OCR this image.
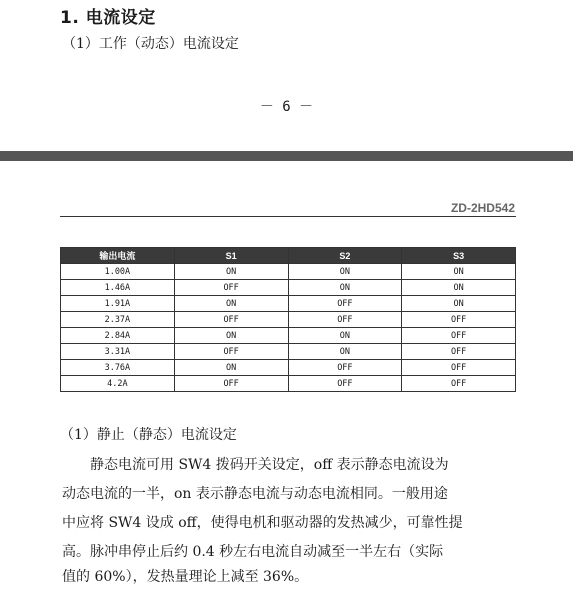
1. 电流设定
（1）工作（动态）电流设定
－ 6 －
ZD-2HD542
输出电流	S1	S2	S3
1.00A	ON	ON	ON
1.46A	OFF	ON	ON
1.91A	ON	OFF	ON
2.37A	OFF	OFF	OFF
2.84A	ON	ON	OFF
3.31A	OFF	ON	OFF
3.76A	ON	OFF	OFF
4.2A	OFF	OFF	OFF
（1）静止（静态）电流设定
　　静态电流可用 SW4 拨码开关设定，off 表示静态电流设为
动态电流的一半，on 表示静态电流与动态电流相同。一般用途
中应将 SW4 设成 off，使得电机和驱动器的发热减少，可靠性提
高。脉冲串停止后约 0.4 秒左右电流自动减至一半左右（实际
值的 60%），发热量理论上减至 36%。
